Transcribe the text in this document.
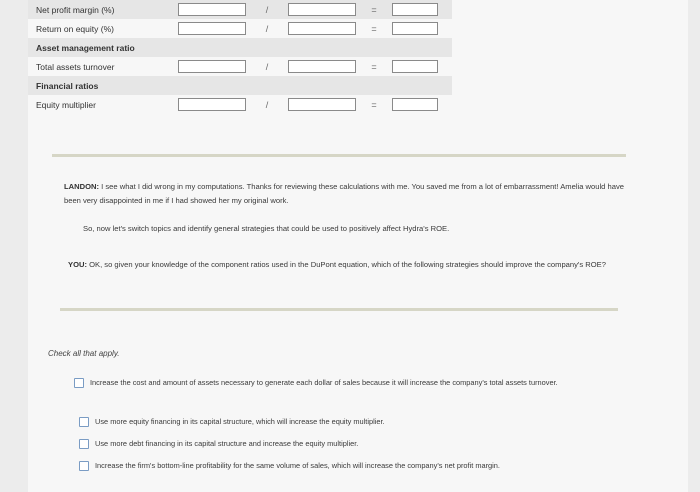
Net profit margin (%)	/	=
Return on equity (%)	/	=
Asset management ratio
Total assets turnover	/	=
Financial ratios
Equity multiplier	/	=
LANDON: I see what I did wrong in my computations. Thanks for reviewing these calculations with me. You saved me from a lot of embarrassment! Amelia would have been very disappointed in me if I had showed her my original work.
So, now let's switch topics and identify general strategies that could be used to positively affect Hydra's ROE.
YOU: OK, so given your knowledge of the component ratios used in the DuPont equation, which of the following strategies should improve the company's ROE?
Check all that apply.
Increase the cost and amount of assets necessary to generate each dollar of sales because it will increase the company's total assets turnover.
Use more equity financing in its capital structure, which will increase the equity multiplier.
Use more debt financing in its capital structure and increase the equity multiplier.
Increase the firm's bottom-line profitability for the same volume of sales, which will increase the company's net profit margin.
